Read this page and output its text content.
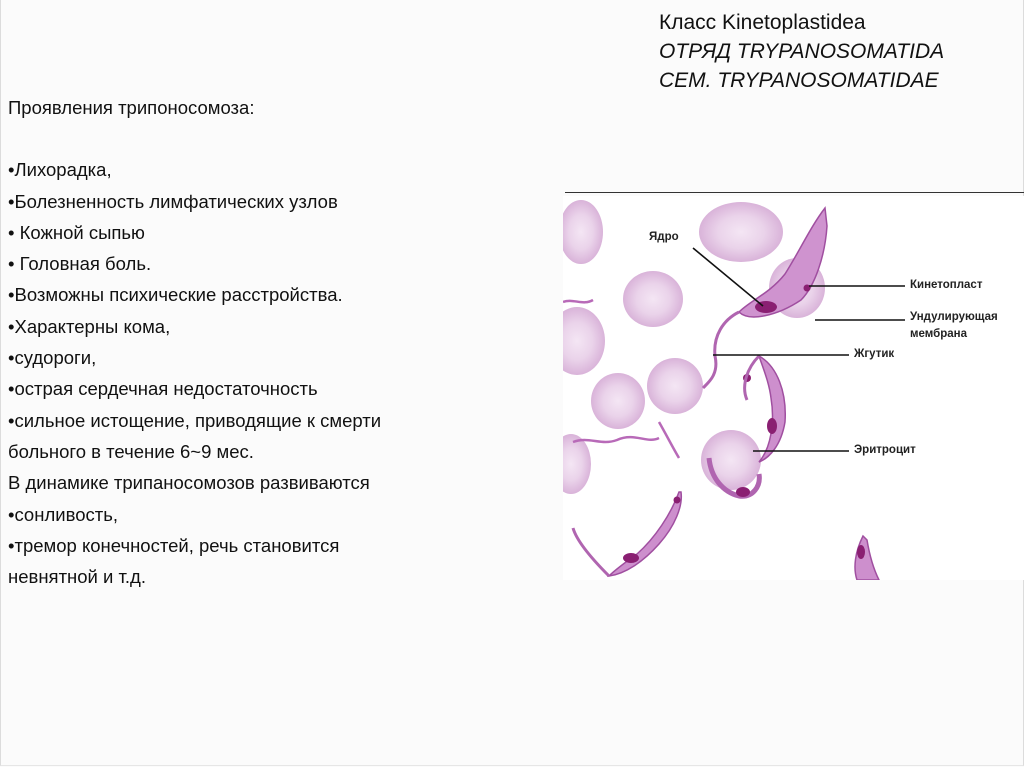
Класс Kinetoplastidea
ОТРЯД TRYPANOSOMATIDA
СЕМ. TRYPANOSOMATIDAE
Проявления трипоносомоза:
•Лихорадка,
•Болезненность лимфатических узлов
• Кожной сыпью
• Головная боль.
•Возможны психические расстройства.
•Характерны кома,
•судороги,
•острая сердечная недостаточность
•сильное истощение, приводящие к смерти
больного в течение 6~9 мес.
В динамике трипаносомозов развиваются
•сонливость,
•тремор конечностей, речь становится
невнятной и т.д.
Ядро
Кинетопласт
Ундулирующая
мембрана
Жгутик
Эритроцит
